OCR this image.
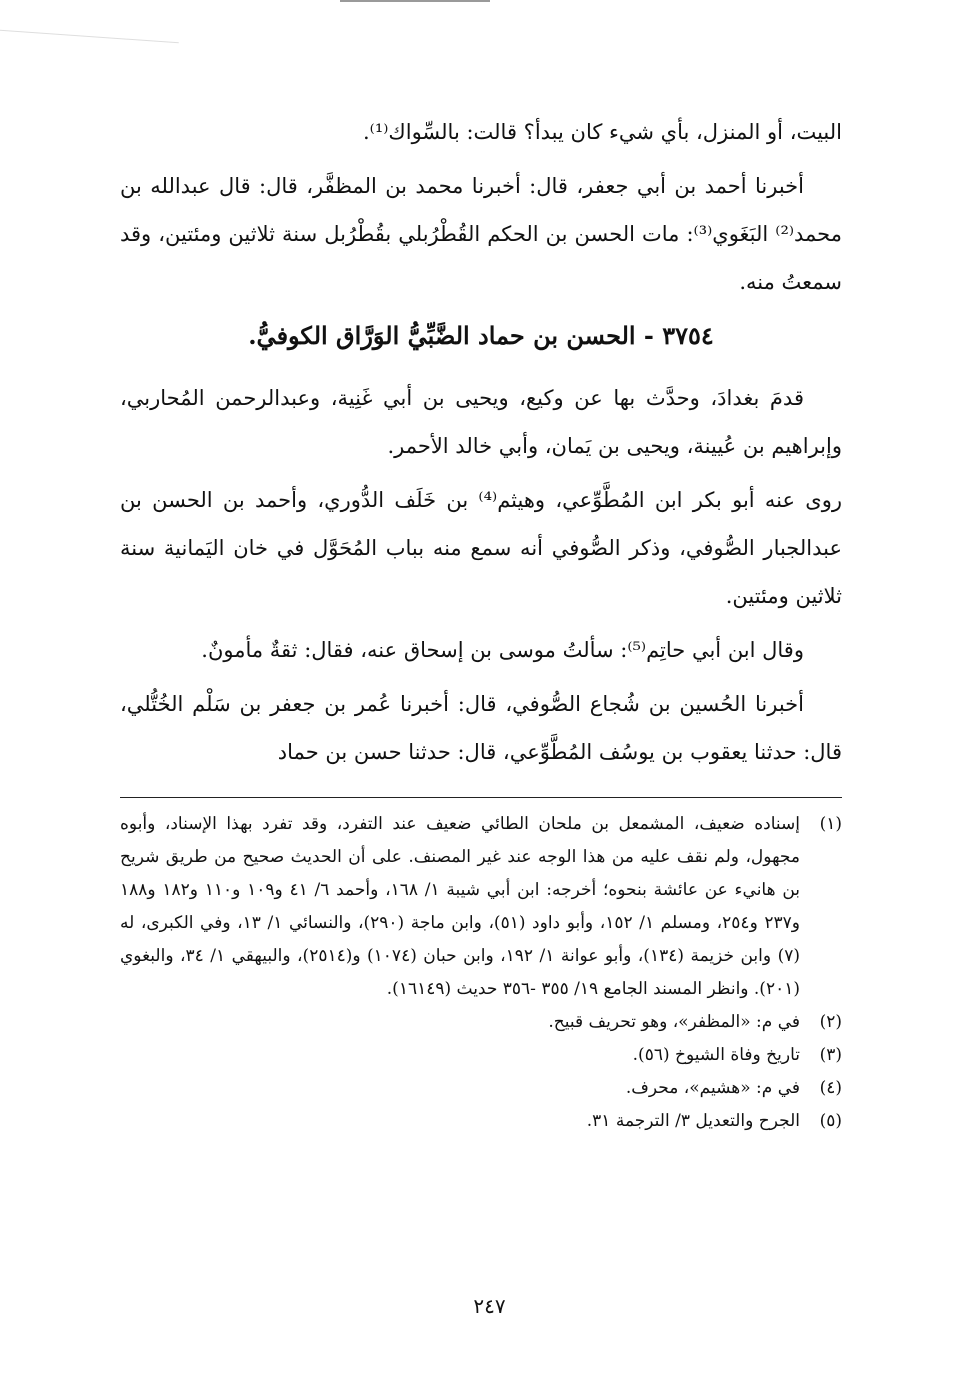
البيت، أو المنزل، بأي شيء كان يبدأ؟ قالت: بالسِّواك⁽¹⁾.

أخبرنا أحمد بن أبي جعفر، قال: أخبرنا محمد بن المظفَّر، قال: قال عبدالله بن محمد⁽²⁾ البَغَوي⁽³⁾: مات الحسن بن الحكم القُطْرُبلي بقُطْرُبل سنة ثلاثين ومئتين، وقد سمعتُ منه.

٣٧٥٤ - الحسن بن حماد الضَّبِّيُّ الوَرَّاق الكوفيُّ.

قدمَ بغدادَ، وحدَّث بها عن وكيع، ويحيى بن أبي غَنِية، وعبدالرحمن المُحاربي، وإبراهيم بن عُيينة، ويحيى بن يَمان، وأبي خالد الأحمر.

روى عنه أبو بكر ابن المُطَّوِّعي، وهيثم⁽⁴⁾ بن خَلَف الدُّوري، وأحمد بن الحسن بن عبدالجبار الصُّوفي، وذكر الصُّوفي أنه سمع منه بباب المُحَوَّل في خان اليَمانية سنة ثلاثين ومئتين.

وقال ابن أبي حاتِم⁽⁵⁾: سألتُ موسى بن إسحاق عنه، فقال: ثقةٌ مأمونٌ.

أخبرنا الحُسين بن شُجاع الصُّوفي، قال: أخبرنا عُمر بن جعفر بن سَلْم الخُتُّلي، قال: حدثنا يعقوب بن يوسُف المُطَّوِّعي، قال: حدثنا حسن بن حماد

(١)
إسناده ضعيف، المشمعل بن ملحان الطائي ضعيف عند التفرد، وقد تفرد بهذا الإسناد، وأبوه مجهول، ولم نقف عليه من هذا الوجه عند غير المصنف. على أن الحديث صحيح من طريق شريح بن هانيء عن عائشة بنحوه؛ أخرجه: ابن أبي شيبة ١/ ١٦٨، وأحمد ٦/ ٤١ و١٠٩ و١١٠ و١٨٢ و١٨٨ و٢٣٧ و٢٥٤، ومسلم ١/ ١٥٢، وأبو داود (٥١)، وابن ماجة (٢٩٠)، والنسائي ١/ ١٣، وفي الكبرى، له (٧) وابن خزيمة (١٣٤)، وأبو عوانة ١/ ١٩٢، وابن حبان (١٠٧٤) و(٢٥١٤)، والبيهقي ١/ ٣٤، والبغوي (٢٠١). وانظر المسند الجامع ١٩/ ٣٥٥ -٣٥٦ حديث (١٦١٤٩).
(٢)
في م: «المظفر»، وهو تحريف قبيح.
(٣)
تاريخ وفاة الشيوخ (٥٦).
(٤)
في م: «هشيم»، محرف.
(٥)
الجرح والتعديل ٣/ الترجمة ٣١.
٢٤٧
